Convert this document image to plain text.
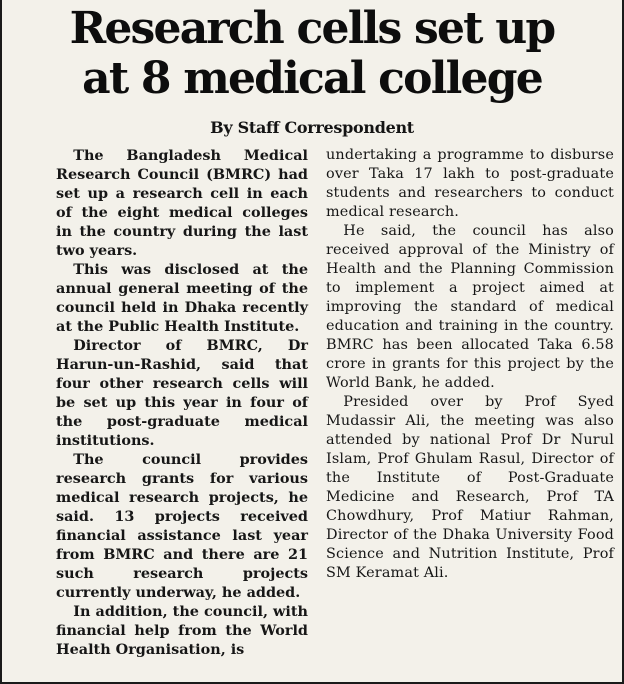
Research cells set up
at 8 medical college
By Staff Correspondent

The Bangladesh Medical Research Council (BMRC) had set up a research cell in each of the eight medical colleges in the country during the last two years.

This was disclosed at the annual general meeting of the council held in Dhaka recently at the Public Health Institute.

Director of BMRC, Dr Harun-un-Rashid, said that four other research cells will be set up this year in four of the post-graduate medical institutions.

The council provides research grants for various medical research projects, he said. 13 projects received financial assistance last year from BMRC and there are 21 such research projects currently underway, he added.

In addition, the council, with financial help from the World Health Organisation, is

undertaking a programme to disburse over Taka 17 lakh to post-graduate students and researchers to conduct medical research.

He said, the council has also received approval of the Ministry of Health and the Planning Commission to implement a project aimed at improving the standard of medical education and training in the country. BMRC has been allocated Taka 6.58 crore in grants for this project by the World Bank, he added.

Presided over by Prof Syed Mudassir Ali, the meeting was also attended by national Prof Dr Nurul Islam, Prof Ghulam Rasul, Director of the Institute of Post-Graduate Medicine and Research, Prof TA Chowdhury, Prof Matiur Rahman, Director of the Dhaka University Food Science and Nutrition Institute, Prof SM Keramat Ali.
